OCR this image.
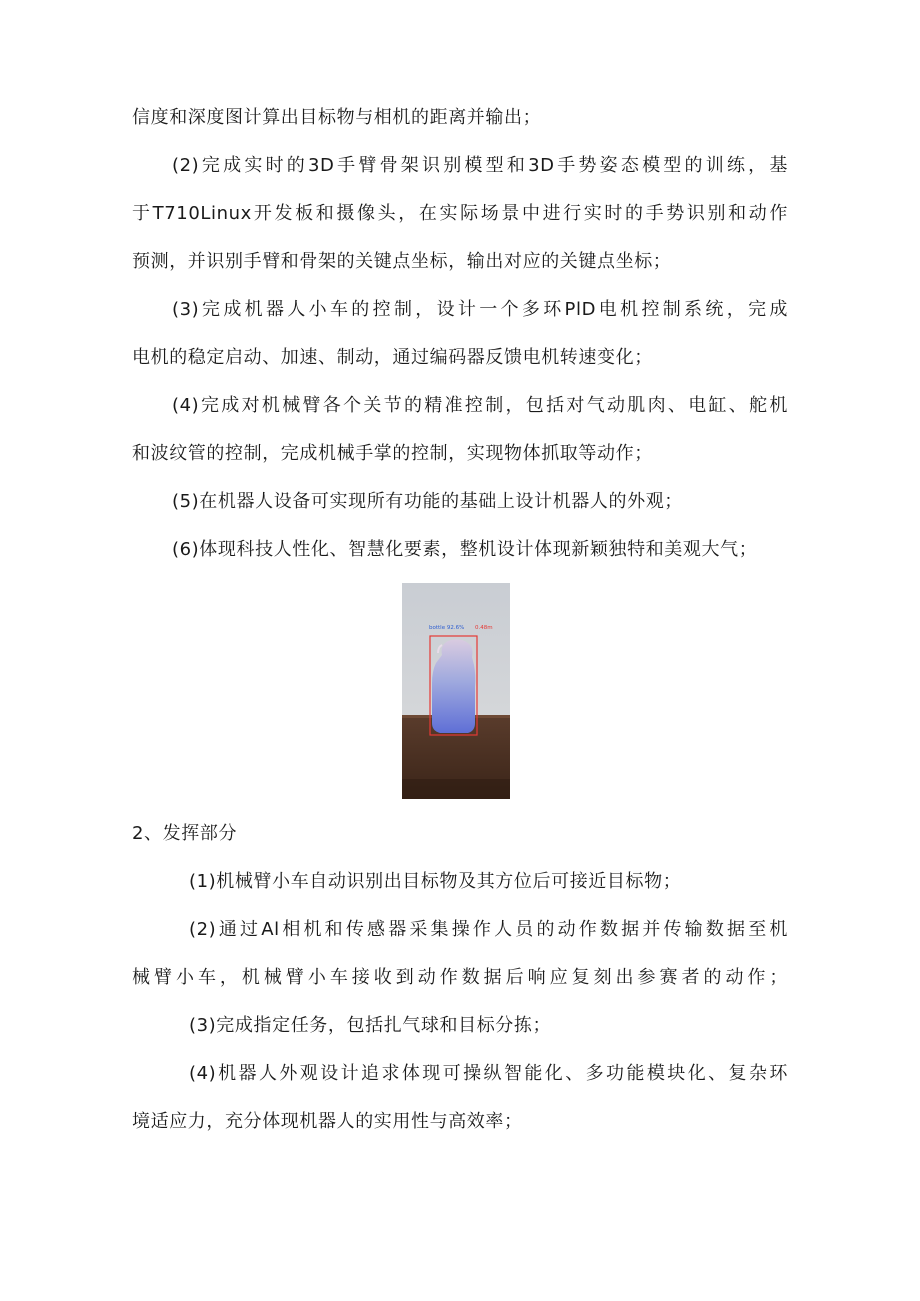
信度和深度图计算出目标物与相机的距离并输出；
(2)完成实时的3D手臂骨架识别模型和3D手势姿态模型的训练，基
于T710Linux开发板和摄像头，在实际场景中进行实时的手势识别和动作
预测，并识别手臂和骨架的关键点坐标，输出对应的关键点坐标；
(3)完成机器人小车的控制，设计一个多环PlD电机控制系统，完成
电机的稳定启动、加速、制动，通过编码器反馈电机转速变化；
(4)完成对机械臂各个关节的精准控制，包括对气动肌肉、电缸、舵机
和波纹管的控制，完成机械手掌的控制，实现物体抓取等动作；
(5)在机器人设备可实现所有功能的基础上设计机器人的外观；
(6)体现科技人性化、智慧化要素，整机设计体现新颖独特和美观大气；
bottle 92.6% 0.48m
2、发挥部分
(1)机械臂小车自动识别出目标物及其方位后可接近目标物；
(2)通过Al相机和传感器采集操作人员的动作数据并传输数据至机
械臂小车，机械臂小车接收到动作数据后响应复刻出参赛者的动作；
(3)完成指定任务，包括扎气球和目标分拣；
(4)机器人外观设计追求体现可操纵智能化、多功能模块化、复杂环
境适应力，充分体现机器人的实用性与高效率；
